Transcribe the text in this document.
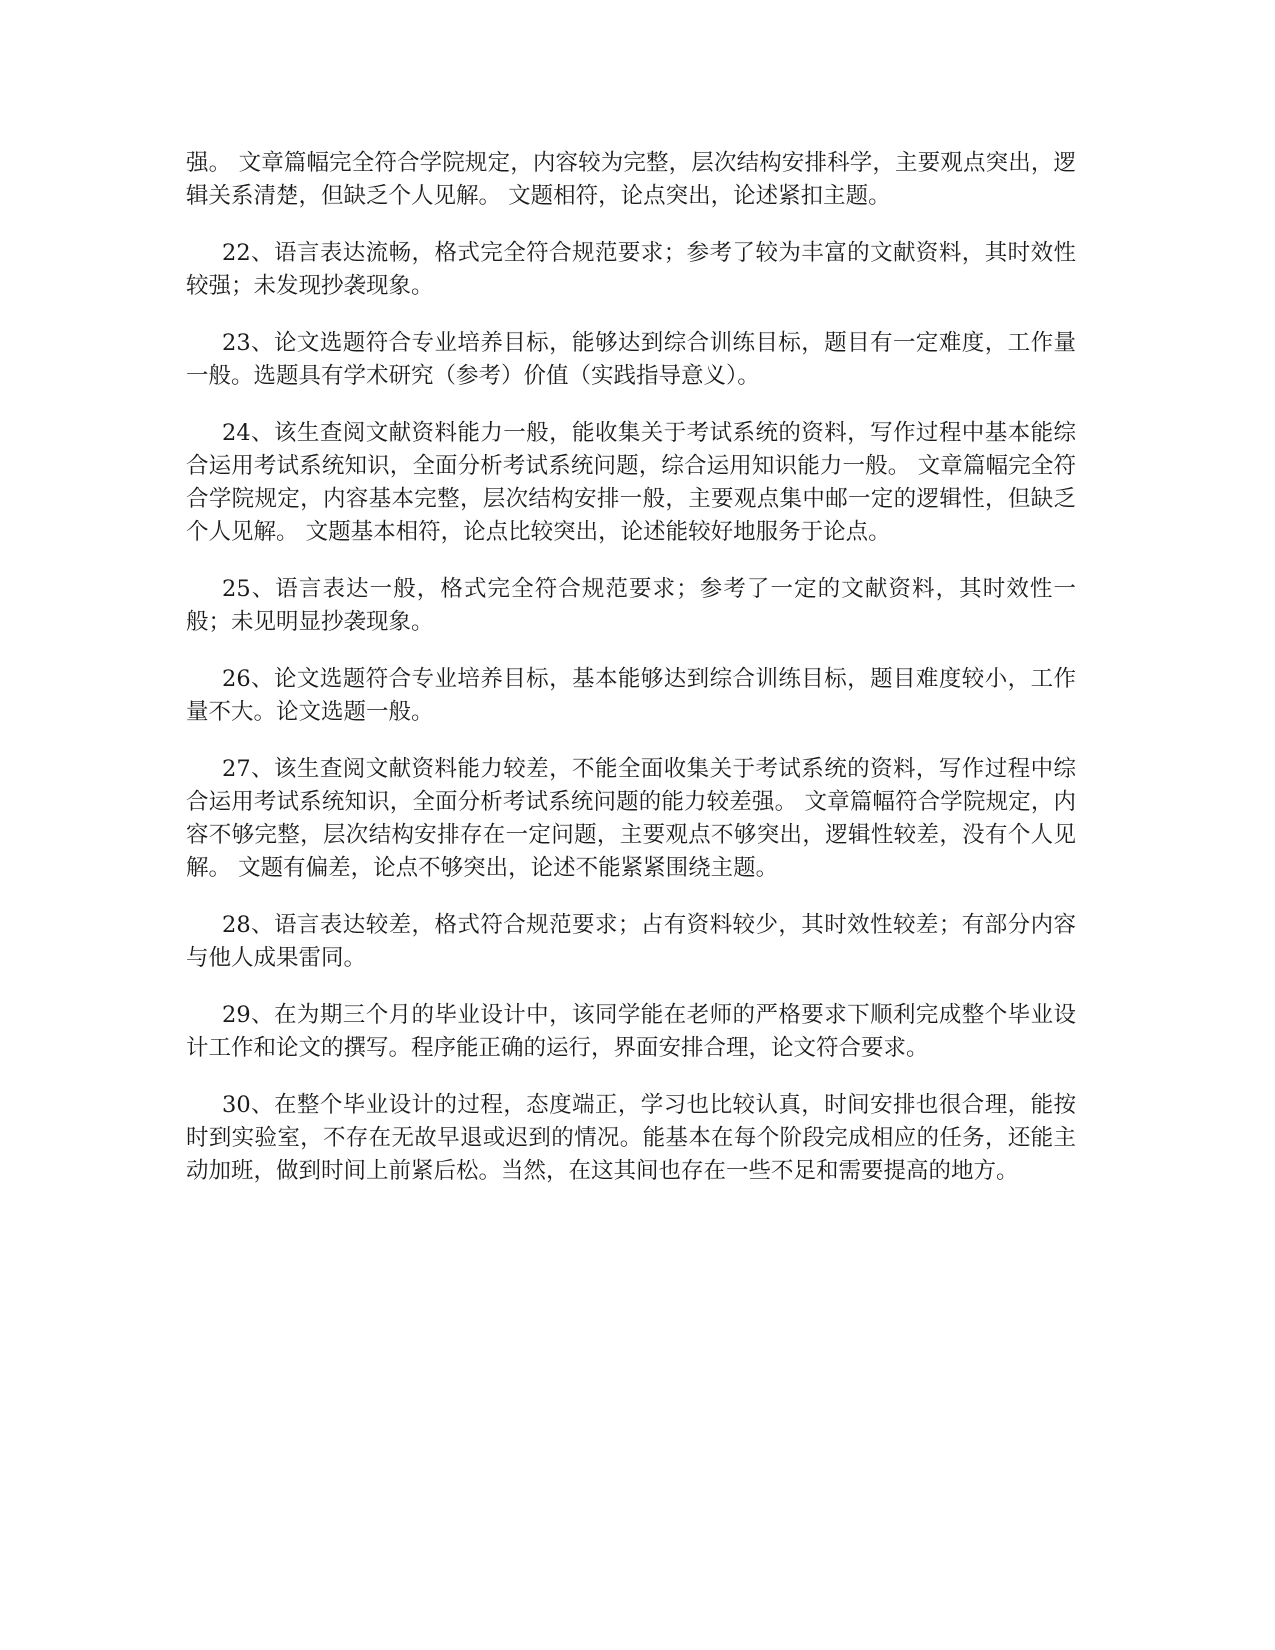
强。 文章篇幅完全符合学院规定，内容较为完整，层次结构安排科学，主要观点突出，逻辑关系清楚，但缺乏个人见解。 文题相符，论点突出，论述紧扣主题。

22、语言表达流畅，格式完全符合规范要求；参考了较为丰富的文献资料，其时效性较强；未发现抄袭现象。

23、论文选题符合专业培养目标，能够达到综合训练目标，题目有一定难度，工作量一般。选题具有学术研究（参考）价值（实践指导意义）。

24、该生查阅文献资料能力一般，能收集关于考试系统的资料，写作过程中基本能综合运用考试系统知识，全面分析考试系统问题，综合运用知识能力一般。 文章篇幅完全符合学院规定，内容基本完整，层次结构安排一般，主要观点集中邮一定的逻辑性，但缺乏个人见解。 文题基本相符，论点比较突出，论述能较好地服务于论点。

25、语言表达一般，格式完全符合规范要求；参考了一定的文献资料，其时效性一般；未见明显抄袭现象。

26、论文选题符合专业培养目标，基本能够达到综合训练目标，题目难度较小，工作量不大。论文选题一般。

27、该生查阅文献资料能力较差，不能全面收集关于考试系统的资料，写作过程中综合运用考试系统知识，全面分析考试系统问题的能力较差强。 文章篇幅符合学院规定，内容不够完整，层次结构安排存在一定问题，主要观点不够突出，逻辑性较差，没有个人见解。 文题有偏差，论点不够突出，论述不能紧紧围绕主题。

28、语言表达较差，格式符合规范要求；占有资料较少，其时效性较差；有部分内容与他人成果雷同。

29、在为期三个月的毕业设计中，该同学能在老师的严格要求下顺利完成整个毕业设计工作和论文的撰写。程序能正确的运行，界面安排合理，论文符合要求。

30、在整个毕业设计的过程，态度端正，学习也比较认真，时间安排也很合理，能按时到实验室，不存在无故早退或迟到的情况。能基本在每个阶段完成相应的任务，还能主动加班，做到时间上前紧后松。当然，在这其间也存在一些不足和需要提高的地方。
